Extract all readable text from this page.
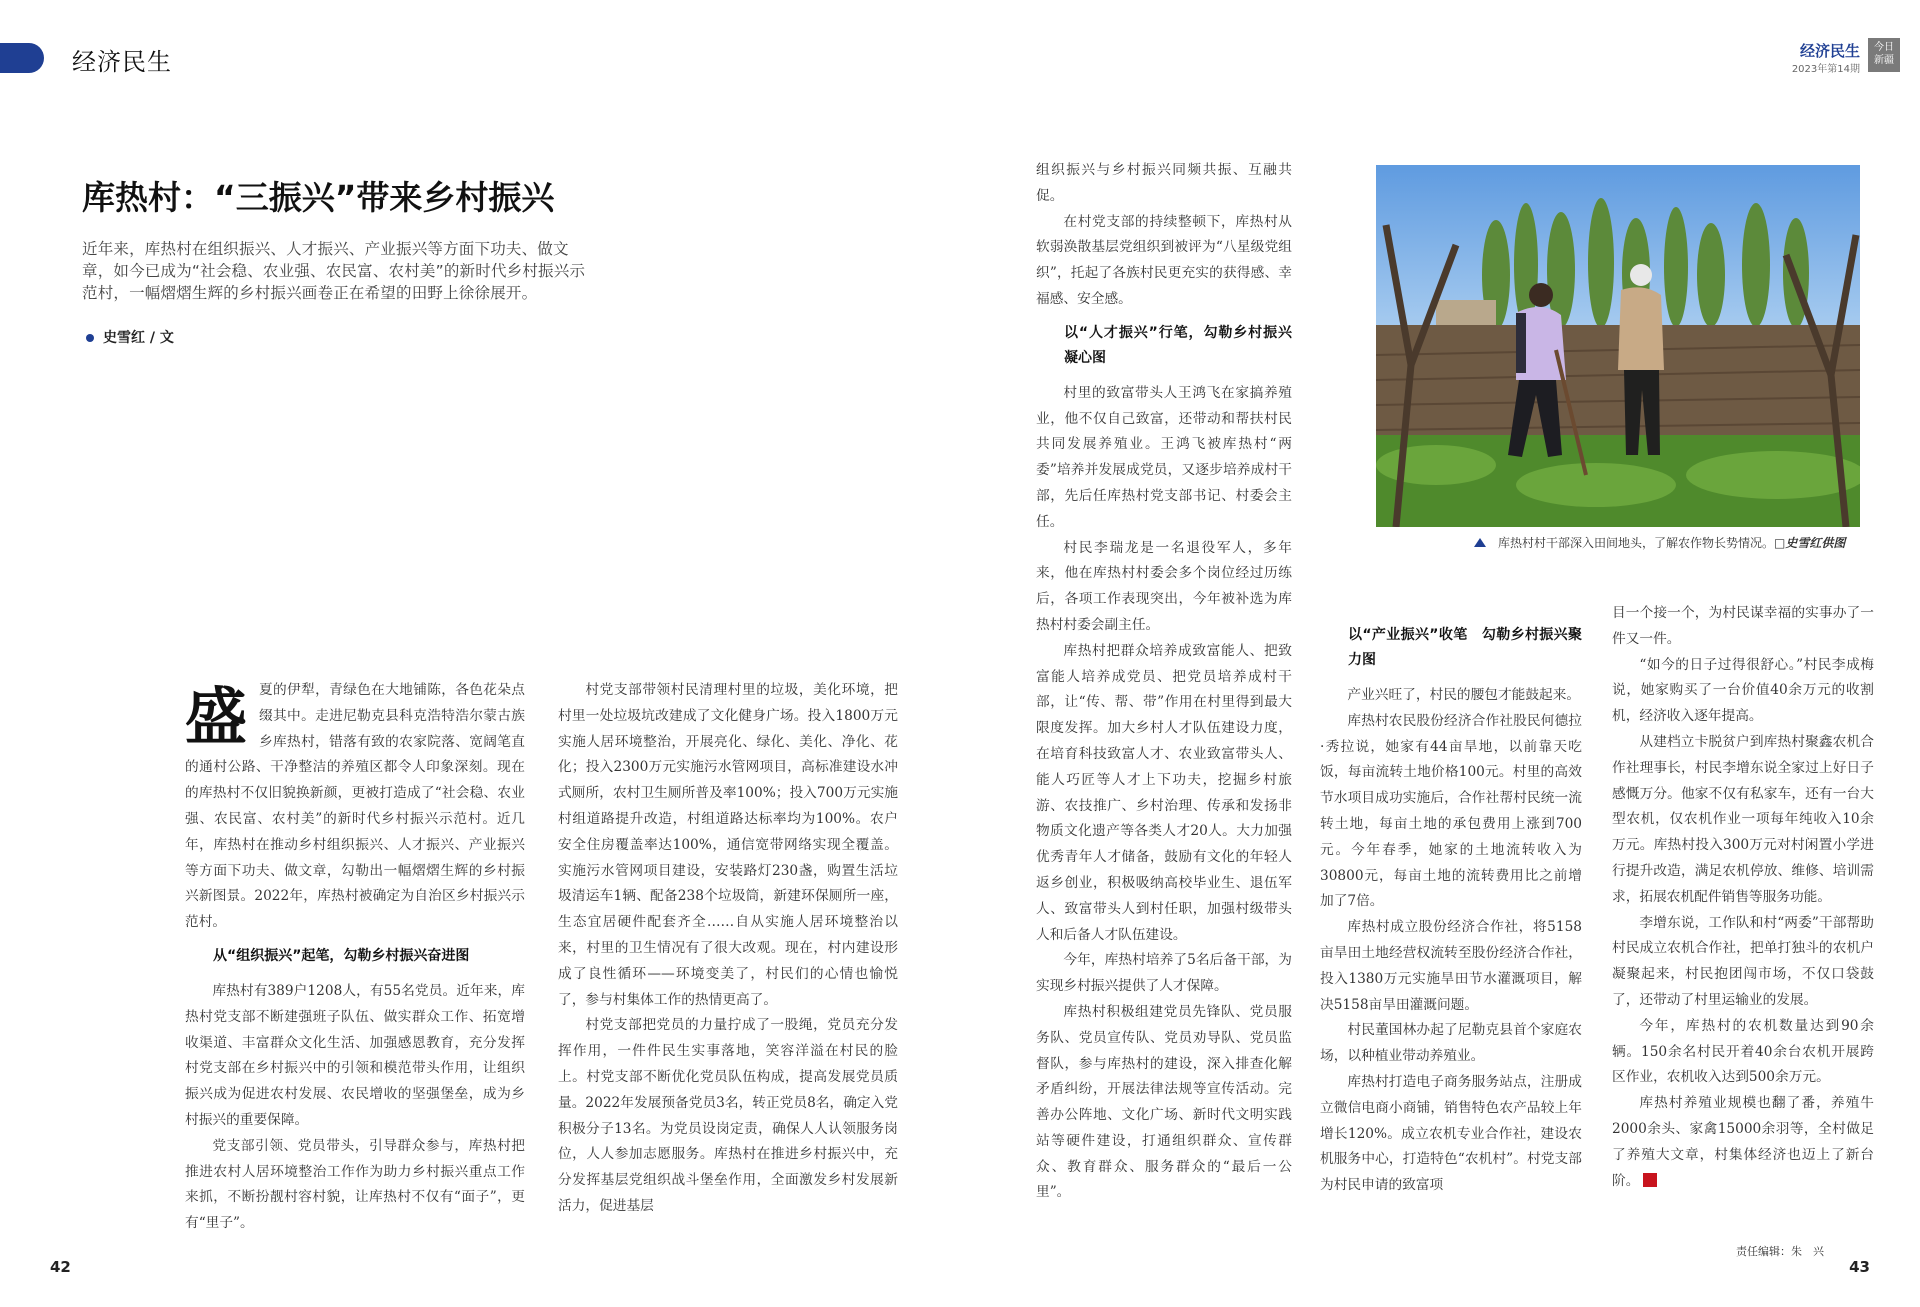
经济民生	经济民生
2023年第14期
今日
新疆
库热村：“三振兴”带来乡村振兴
近年来，库热村在组织振兴、人才振兴、产业振兴等方面下功夫、做文章，如今已成为“社会稳、农业强、农民富、农村美”的新时代乡村振兴示范村，一幅熠熠生辉的乡村振兴画卷正在希望的田野上徐徐展开。
史雪红 / 文

盛夏的伊犁，青绿色在大地铺陈，各色花朵点缀其中。走进尼勒克县科克浩特浩尔蒙古族乡库热村，错落有致的农家院落、宽阔笔直的通村公路、干净整洁的养殖区都令人印象深刻。现在的库热村不仅旧貌换新颜，更被打造成了“社会稳、农业强、农民富、农村美”的新时代乡村振兴示范村。近几年，库热村在推动乡村组织振兴、人才振兴、产业振兴等方面下功夫、做文章，勾勒出一幅熠熠生辉的乡村振兴新图景。2022年，库热村被确定为自治区乡村振兴示范村。

从“组织振兴”起笔，勾勒乡村振兴奋进图

库热村有389户1208人，有55名党员。近年来，库热村党支部不断建强班子队伍、做实群众工作、拓宽增收渠道、丰富群众文化生活、加强感恩教育，充分发挥村党支部在乡村振兴中的引领和模范带头作用，让组织振兴成为促进农村发展、农民增收的坚强堡垒，成为乡村振兴的重要保障。

党支部引领、党员带头，引导群众参与，库热村把推进农村人居环境整治工作作为助力乡村振兴重点工作来抓，不断扮靓村容村貌，让库热村不仅有“面子”，更有“里子”。

村党支部带领村民清理村里的垃圾，美化环境，把村里一处垃圾坑改建成了文化健身广场。投入1800万元实施人居环境整治，开展亮化、绿化、美化、净化、花化；投入2300万元实施污水管网项目，高标准建设水冲式厕所，农村卫生厕所普及率100%；投入700万元实施村组道路提升改造，村组道路达标率均为100%。农户安全住房覆盖率达100%，通信宽带网络实现全覆盖。实施污水管网项目建设，安装路灯230盏，购置生活垃圾清运车1辆、配备238个垃圾筒，新建环保厕所一座，生态宜居硬件配套齐全……自从实施人居环境整治以来，村里的卫生情况有了很大改观。现在，村内建设形成了良性循环——环境变美了，村民们的心情也愉悦了，参与村集体工作的热情更高了。

村党支部把党员的力量拧成了一股绳，党员充分发挥作用，一件件民生实事落地，笑容洋溢在村民的脸上。村党支部不断优化党员队伍构成，提高发展党员质量。2022年发展预备党员3名，转正党员8名，确定入党积极分子13名。为党员设岗定责，确保人人认领服务岗位，人人参加志愿服务。库热村在推进乡村振兴中，充分发挥基层党组织战斗堡垒作用，全面激发乡村发展新活力，促进基层

组织振兴与乡村振兴同频共振、互融共促。

在村党支部的持续整顿下，库热村从软弱涣散基层党组织到被评为“八星级党组织”，托起了各族村民更充实的获得感、幸福感、安全感。

以“人才振兴”行笔，勾勒乡村振兴凝心图

村里的致富带头人王鸿飞在家搞养殖业，他不仅自己致富，还带动和帮扶村民共同发展养殖业。王鸿飞被库热村“两委”培养并发展成党员，又逐步培养成村干部，先后任库热村党支部书记、村委会主任。

村民李瑞龙是一名退役军人，多年来，他在库热村村委会多个岗位经过历练后，各项工作表现突出，今年被补选为库热村村委会副主任。

库热村把群众培养成致富能人、把致富能人培养成党员、把党员培养成村干部，让“传、帮、带”作用在村里得到最大限度发挥。加大乡村人才队伍建设力度，在培育科技致富人才、农业致富带头人、能人巧匠等人才上下功夫，挖掘乡村旅游、农技推广、乡村治理、传承和发扬非物质文化遗产等各类人才20人。大力加强优秀青年人才储备，鼓励有文化的年轻人返乡创业，积极吸纳高校毕业生、退伍军人、致富带头人到村任职，加强村级带头人和后备人才队伍建设。

今年，库热村培养了5名后备干部，为实现乡村振兴提供了人才保障。

库热村积极组建党员先锋队、党员服务队、党员宣传队、党员劝导队、党员监督队，参与库热村的建设，深入排查化解矛盾纠纷，开展法律法规等宣传活动。完善办公阵地、文化广场、新时代文明实践站等硬件建设，打通组织群众、宣传群众、教育群众、服务群众的“最后一公里”。

库热村村干部深入田间地头，了解农作物长势情况。□史雪红供图
以“产业振兴”收笔　勾勒乡村振兴聚力图

产业兴旺了，村民的腰包才能鼓起来。

库热村农民股份经济合作社股民何德拉·秀拉说，她家有44亩旱地，以前靠天吃饭，每亩流转土地价格100元。村里的高效节水项目成功实施后，合作社帮村民统一流转土地，每亩土地的承包费用上涨到700元。今年春季，她家的土地流转收入为30800元，每亩土地的流转费用比之前增加了7倍。

库热村成立股份经济合作社，将5158亩旱田土地经营权流转至股份经济合作社，投入1380万元实施旱田节水灌溉项目，解决5158亩旱田灌溉问题。

村民董国林办起了尼勒克县首个家庭农场，以种植业带动养殖业。

库热村打造电子商务服务站点，注册成立微信电商小商铺，销售特色农产品较上年增长120%。成立农机专业合作社，建设农机服务中心，打造特色“农机村”。村党支部为村民申请的致富项

目一个接一个，为村民谋幸福的实事办了一件又一件。

“如今的日子过得很舒心。”村民李成梅说，她家购买了一台价值40余万元的收割机，经济收入逐年提高。

从建档立卡脱贫户到库热村聚鑫农机合作社理事长，村民李增东说全家过上好日子感慨万分。他家不仅有私家车，还有一台大型农机，仅农机作业一项每年纯收入10余万元。库热村投入300万元对村闲置小学进行提升改造，满足农机停放、维修、培训需求，拓展农机配件销售等服务功能。

李增东说，工作队和村“两委”干部帮助村民成立农机合作社，把单打独斗的农机户凝聚起来，村民抱团闯市场，不仅口袋鼓了，还带动了村里运输业的发展。

今年，库热村的农机数量达到90余辆。150余名村民开着40余台农机开展跨区作业，农机收入达到500余万元。

库热村养殖业规模也翻了番，养殖牛2000余头、家禽15000余羽等，全村做足了养殖大文章，村集体经济也迈上了新台阶。

42	43
责任编辑：朱　兴
